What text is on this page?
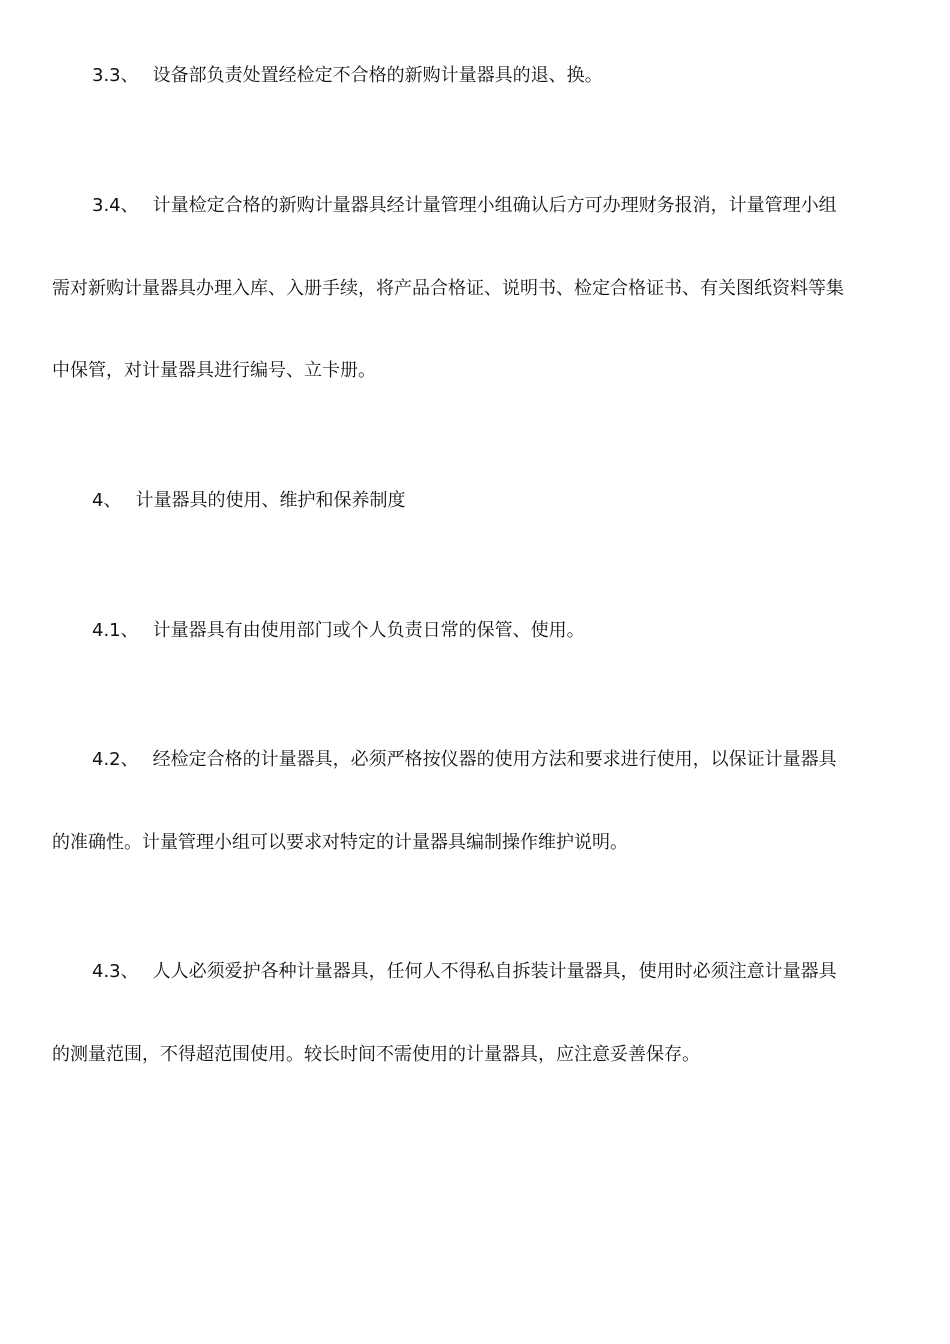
3.3、 设备部负责处置经检定不合格的新购计量器具的退、换。
3.4、 计量检定合格的新购计量器具经计量管理小组确认后方可办理财务报消，计量管理小组
需对新购计量器具办理入库、入册手续，将产品合格证、说明书、检定合格证书、有关图纸资料等集
中保管，对计量器具进行编号、立卡册。
4、 计量器具的使用、维护和保养制度
4.1、 计量器具有由使用部门或个人负责日常的保管、使用。
4.2、 经检定合格的计量器具，必须严格按仪器的使用方法和要求进行使用，以保证计量器具
的准确性。计量管理小组可以要求对特定的计量器具编制操作维护说明。
4.3、 人人必须爱护各种计量器具，任何人不得私自拆装计量器具，使用时必须注意计量器具
的测量范围，不得超范围使用。较长时间不需使用的计量器具，应注意妥善保存。
